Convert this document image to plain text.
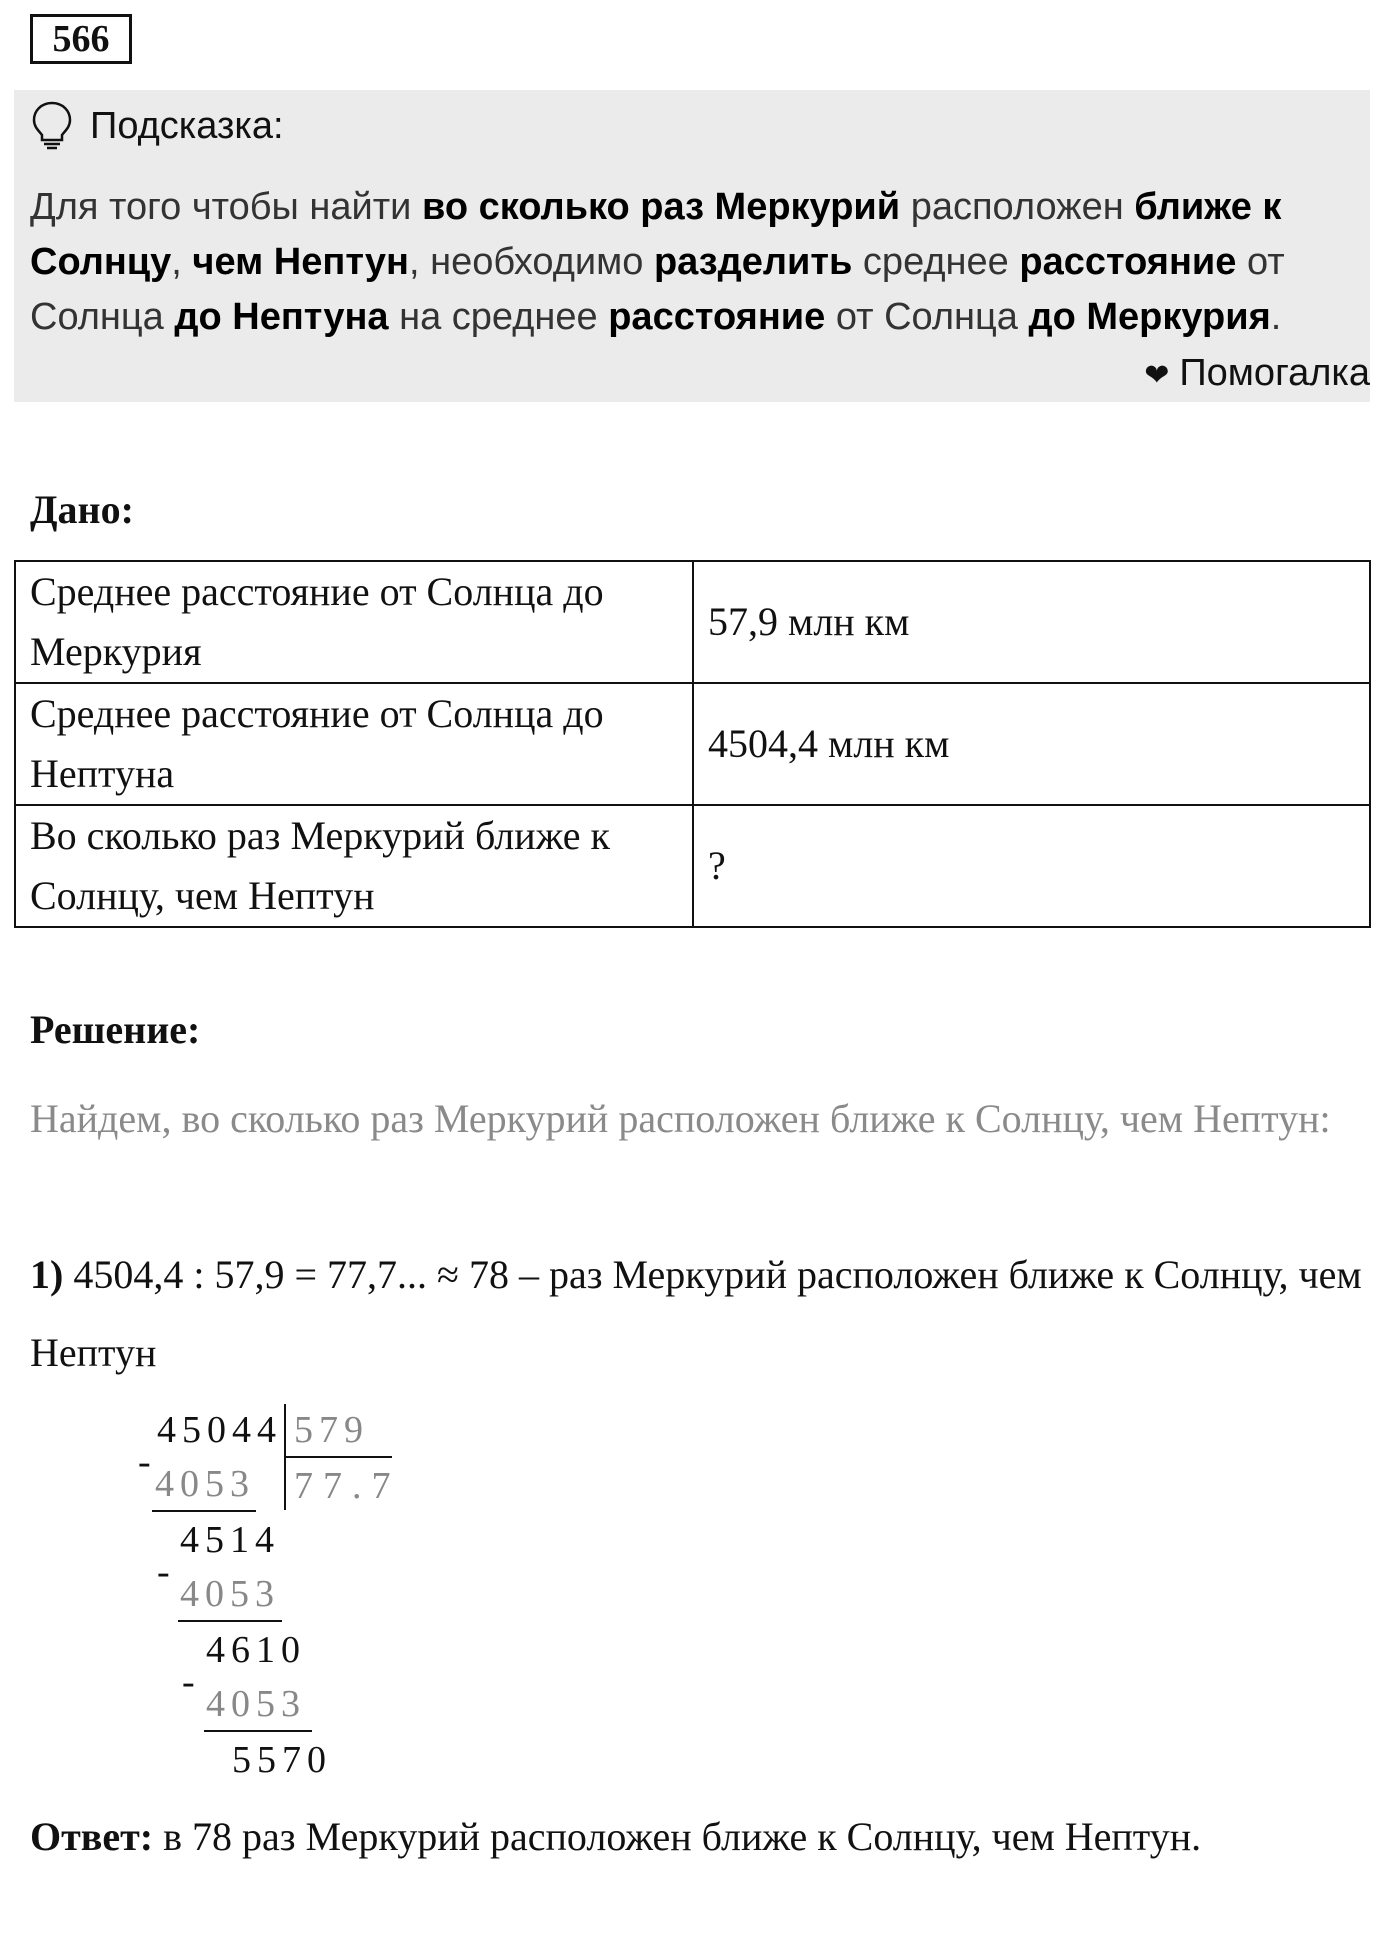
566
Подсказка:
Для того чтобы найти во сколько раз Меркурий расположен ближе к Солнцу, чем Нептун, необходимо разделить среднее расстояние от Солнца до Нептуна на среднее расстояние от Солнца до Меркурия.
❤ Помогалка
Дано:
Среднее расстояние от Солнца до Меркурия	57,9 млн км
Среднее расстояние от Солнца до Нептуна	4504,4 млн км
Во сколько раз Меркурий ближе к Солнцу, чем Нептун	?
Решение:
Найдем, во сколько раз Меркурий расположен ближе к Солнцу, чем Нептун:
1) 4504,4 : 57,9 = 77,7... ≈ 78 – раз Меркурий расположен ближе к Солнцу, чем Нептун
45044 579
77.7
-
4053
4514
-
4053
4610
-
4053
5570
Ответ: в 78 раз Меркурий расположен ближе к Солнцу, чем Нептун.
